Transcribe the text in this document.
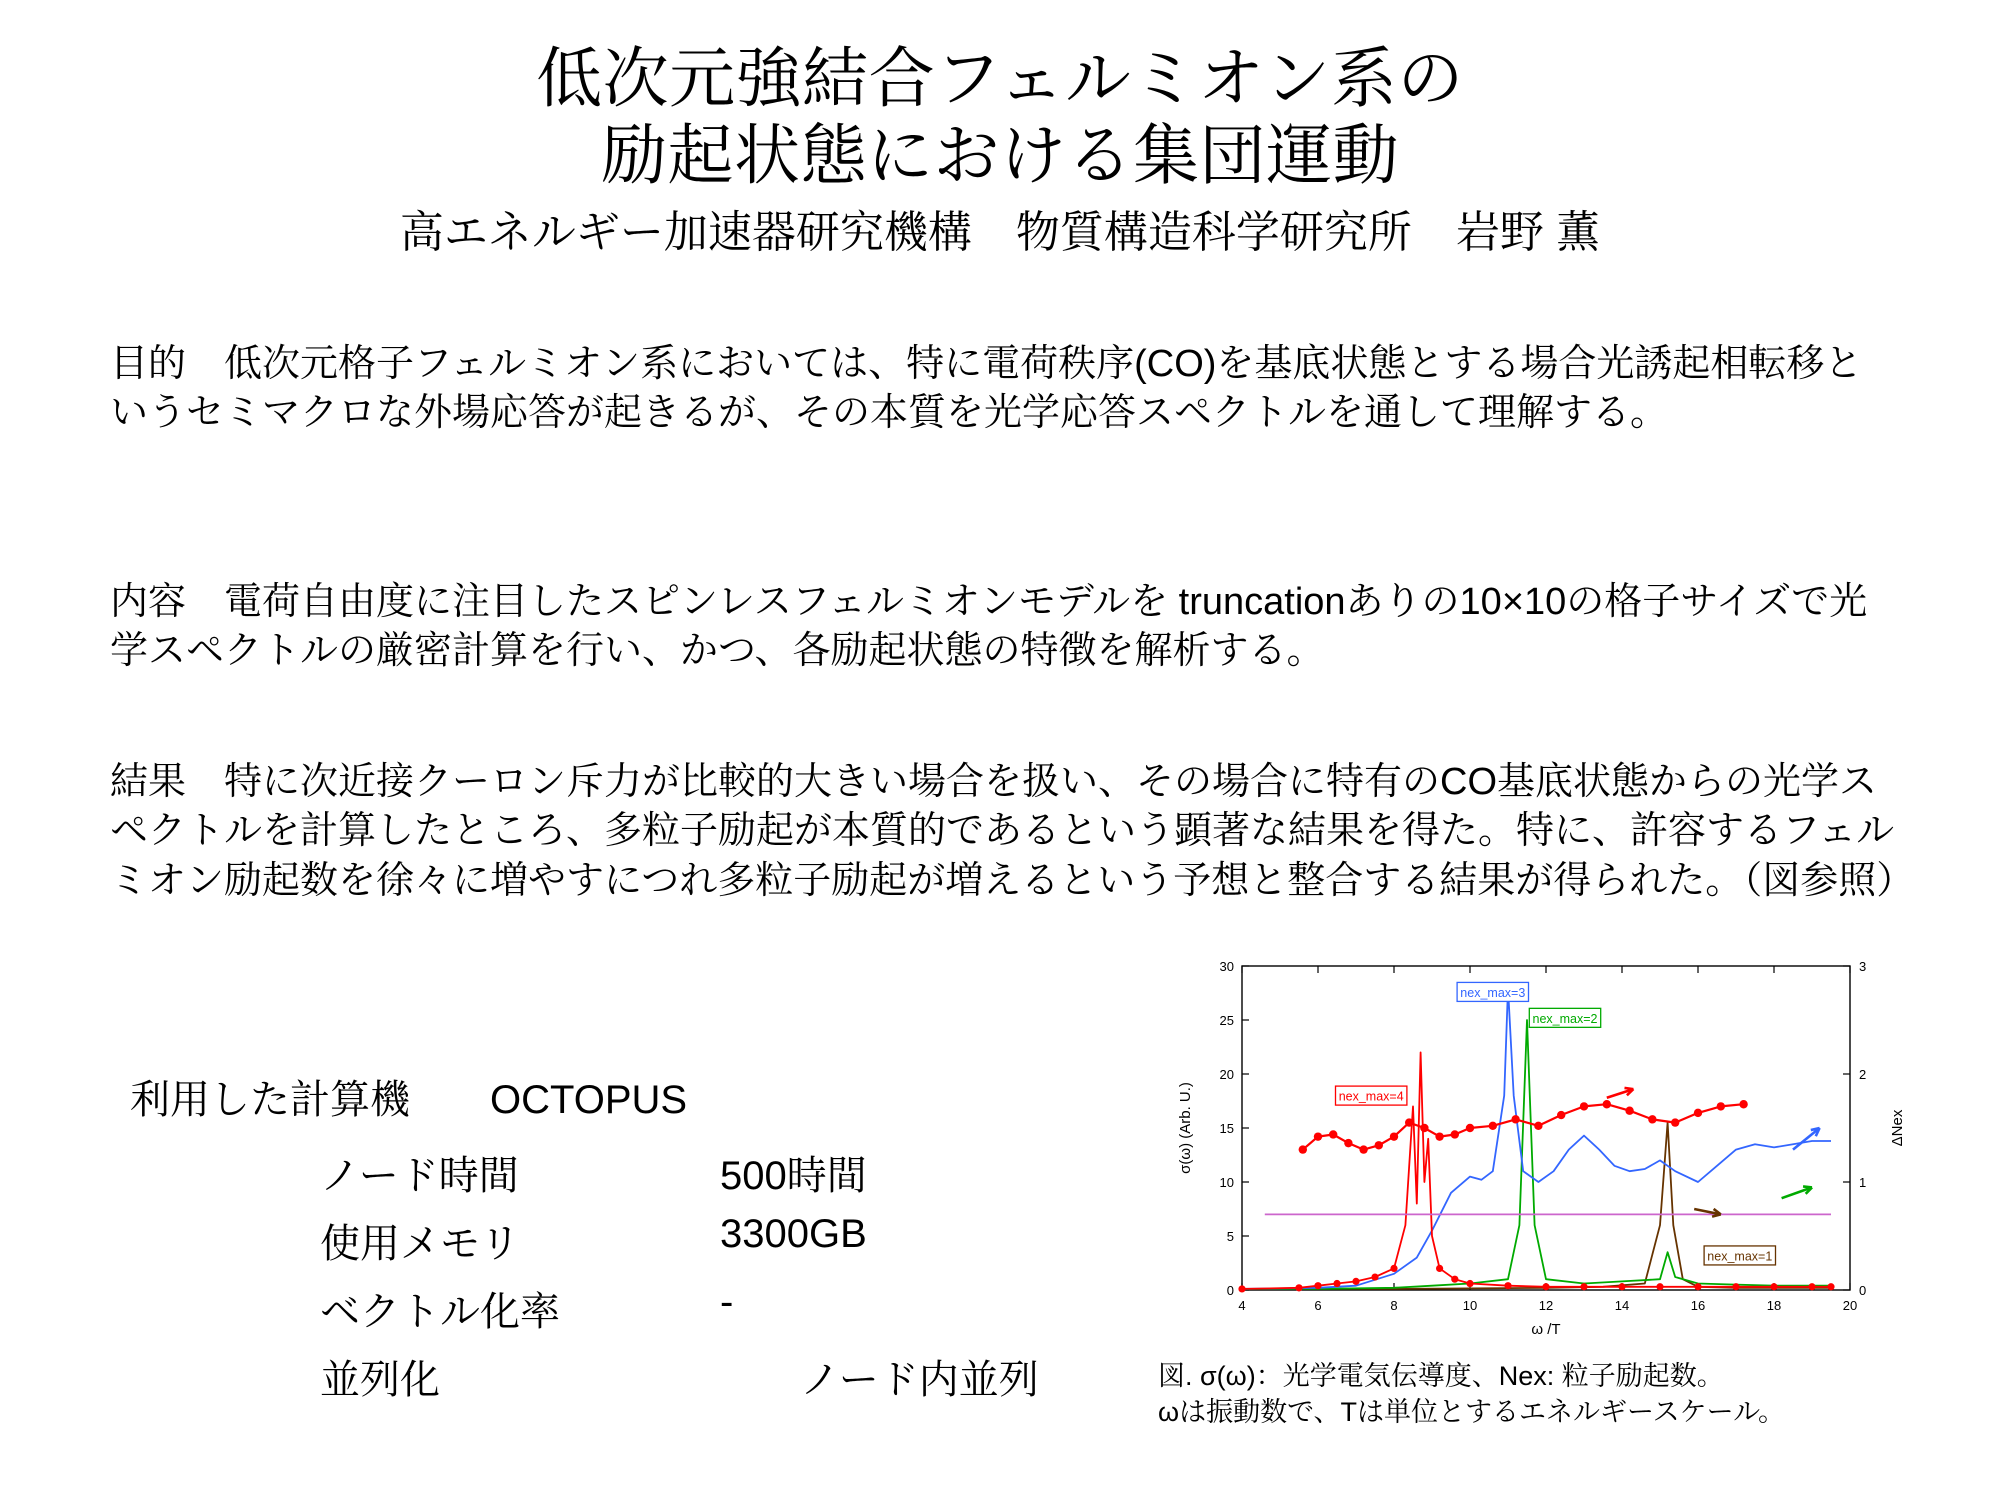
低次元強結合フェルミオン系の
励起状態における集団運動
高エネルギー加速器研究機構　物質構造科学研究所　岩野 薫
目的　低次元格子フェルミオン系においては、特に電荷秩序(CO)を基底状態とする場合光誘起相転移というセミマクロな外場応答が起きるが、その本質を光学応答スペクトルを通して理解する。
内容　電荷自由度に注目したスピンレスフェルミオンモデルを truncationありの10×10の格子サイズで光学スペクトルの厳密計算を行い、かつ、各励起状態の特徴を解析する。
結果　特に次近接クーロン斥力が比較的大きい場合を扱い、その場合に特有のCO基底状態からの光学スペクトルを計算したところ、多粒子励起が本質的であるという顕著な結果を得た。特に、許容するフェルミオン励起数を徐々に増やすにつれ多粒子励起が増えるという予想と整合する結果が得られた。（図参照）
利用した計算機　　OCTOPUS
ノード時間	500時間
使用メモリ	3300GB
ベクトル化率	-
並列化	ノード内並列
4	6	8	10	12	14	16	18	20
0
5
10
15
20
25
30
0
1
2
3
σ(ω) (Arb. U.)	ΔNex
ω /T
nex_max=4
nex_max=3
nex_max=2
nex_max=1
図. σ(ω)：光学電気伝導度、Nex: 粒子励起数。
ωは振動数で、Tは単位とするエネルギースケール。
